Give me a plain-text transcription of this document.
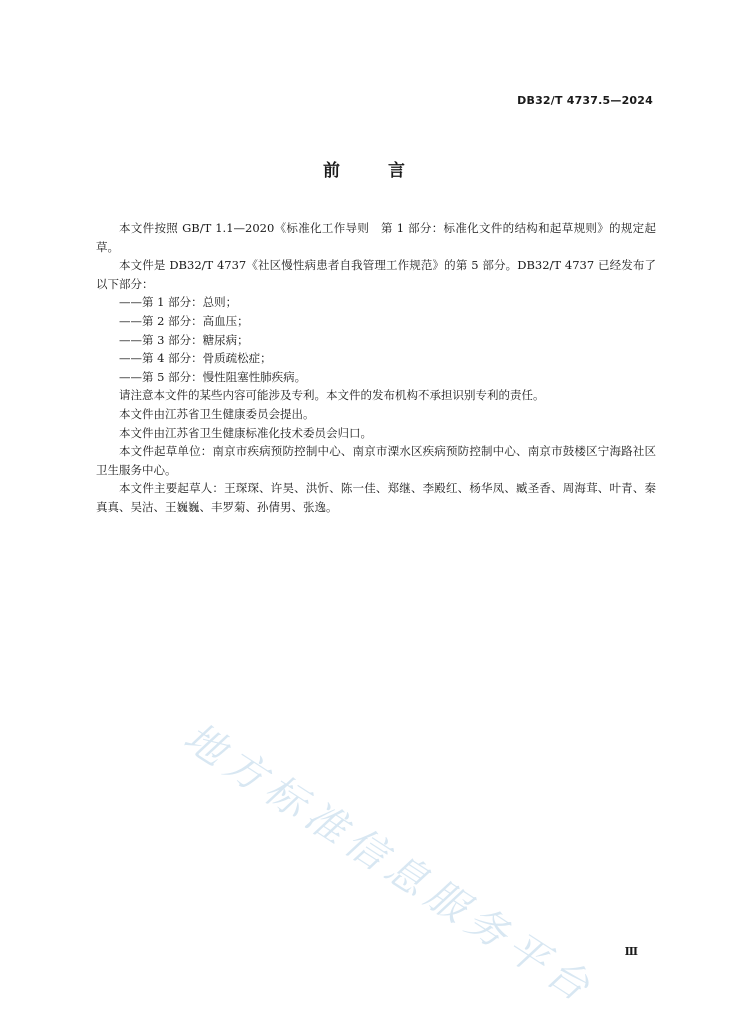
DB32/T 4737.5—2024
前 言

本文件按照 GB/T 1.1—2020《标准化工作导则　第 1 部分：标准化文件的结构和起草规则》的规定起草。

本文件是 DB32/T 4737《社区慢性病患者自我管理工作规范》的第 5 部分。DB32/T 4737 已经发布了以下部分：

——第 1 部分：总则；

——第 2 部分：高血压；

——第 3 部分：糖尿病；

——第 4 部分：骨质疏松症；

——第 5 部分：慢性阻塞性肺疾病。

请注意本文件的某些内容可能涉及专利。本文件的发布机构不承担识别专利的责任。

本文件由江苏省卫生健康委员会提出。

本文件由江苏省卫生健康标准化技术委员会归口。

本文件起草单位：南京市疾病预防控制中心、南京市溧水区疾病预防控制中心、南京市鼓楼区宁海路社区卫生服务中心。

本文件主要起草人：王琛琛、许昊、洪忻、陈一佳、郑继、李殿红、杨华凤、臧圣香、周海茸、叶青、秦真真、吴沽、王巍巍、丰罗菊、孙倩男、张逸。

地方标准信息服务平台	Ⅲ
